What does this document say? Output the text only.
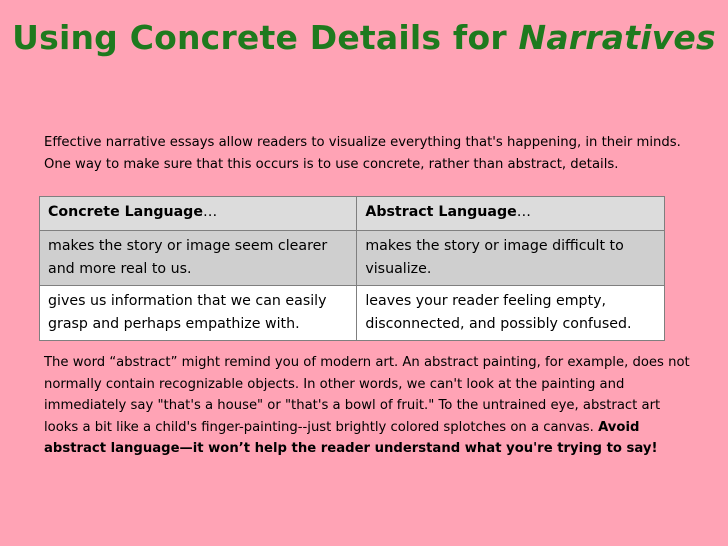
Using Concrete Details for Narratives
Effective narrative essays allow readers to visualize everything that's happening, in their minds. One way to make sure that this occurs is to use concrete, rather than abstract, details.
Concrete Language…	Abstract Language…
makes the story or image seem clearer and more real to us.	makes the story or image difficult to visualize.
gives us information that we can easily grasp and perhaps empathize with.	leaves your reader feeling empty, disconnected, and possibly confused.
The word “abstract” might remind you of modern art. An abstract painting, for example, does not normally contain recognizable objects. In other words, we can't look at the painting and immediately say "that's a house" or "that's a bowl of fruit." To the untrained eye, abstract art looks a bit like a child's finger-painting--just brightly colored splotches on a canvas. Avoid abstract language—it won’t help the reader understand what you're trying to say!
